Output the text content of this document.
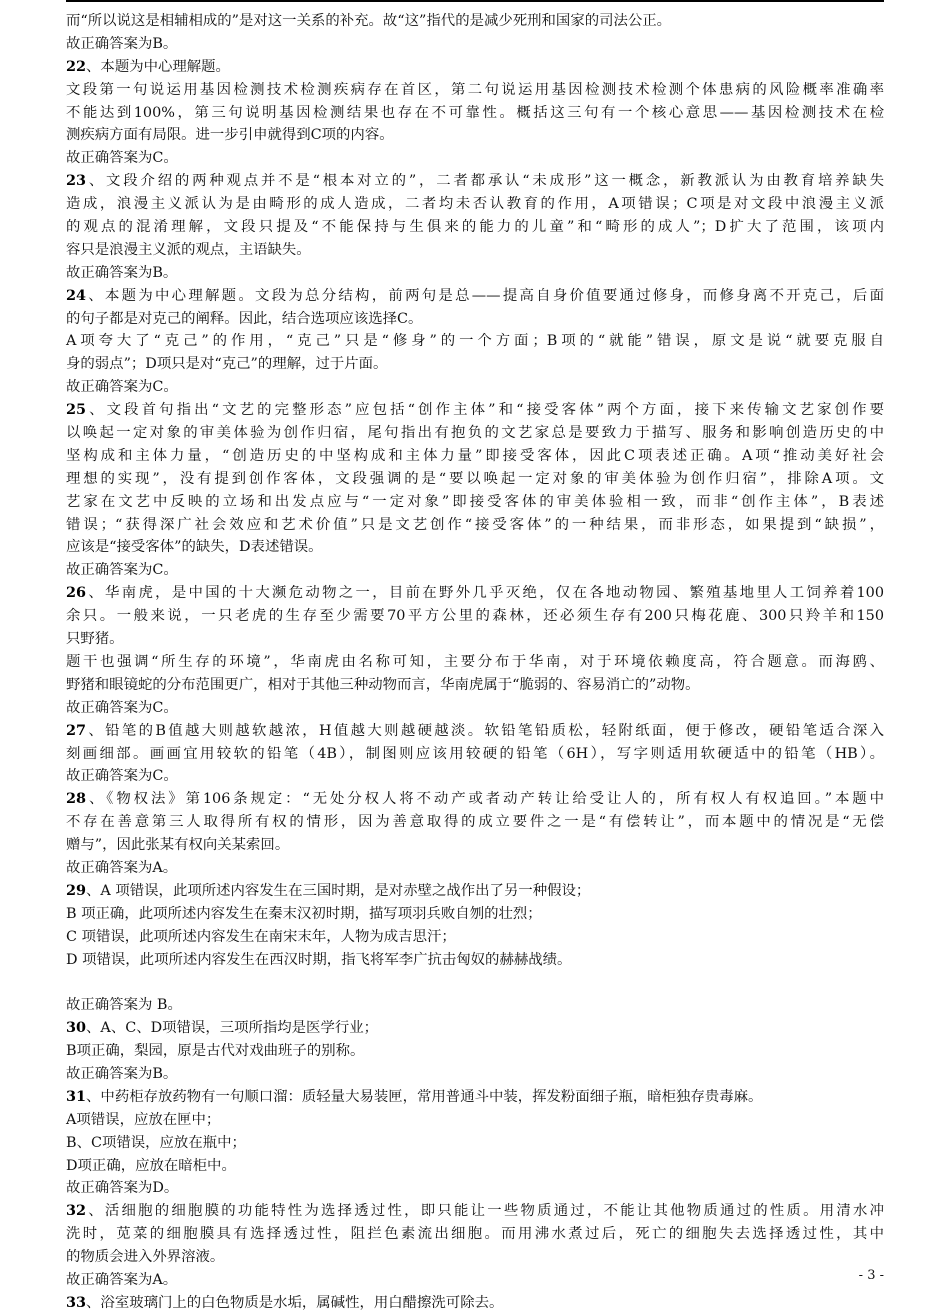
而“所以说这是相辅相成的”是对这一关系的补充。故“这”指代的是减少死刑和国家的司法公正。
故正确答案为B。
22、本题为中心理解题。
文段第一句说运用基因检测技术检测疾病存在首区，第二句说运用基因检测技术检测个体患病的风险概率准确率
不能达到100%，第三句说明基因检测结果也存在不可靠性。概括这三句有一个核心意思——基因检测技术在检
测疾病方面有局限。进一步引申就得到C项的内容。
故正确答案为C。
23、文段介绍的两种观点并不是“根本对立的”，二者都承认“未成形”这一概念，新教派认为由教育培养缺失
造成，浪漫主义派认为是由畸形的成人造成，二者均未否认教育的作用，A项错误；C项是对文段中浪漫主义派
的观点的混淆理解，文段只提及“不能保持与生俱来的能力的儿童”和“畸形的成人”；D扩大了范围，该项内
容只是浪漫主义派的观点，主语缺失。
故正确答案为B。
24、本题为中心理解题。文段为总分结构，前两句是总——提高自身价值要通过修身，而修身离不开克己，后面
的句子都是对克己的阐释。因此，结合选项应该选择C。
A项夸大了“克己”的作用，“克己”只是“修身”的一个方面；B项的“就能”错误，原文是说“就要克服自
身的弱点”；D项只是对“克己”的理解，过于片面。
故正确答案为C。
25、文段首句指出“文艺的完整形态”应包括“创作主体”和“接受客体”两个方面，接下来传输文艺家创作要
以唤起一定对象的审美体验为创作归宿，尾句指出有抱负的文艺家总是要致力于描写、服务和影响创造历史的中
坚构成和主体力量，“创造历史的中坚构成和主体力量”即接受客体，因此C项表述正确。A项“推动美好社会
理想的实现”，没有提到创作客体，文段强调的是“要以唤起一定对象的审美体验为创作归宿”，排除A项。文
艺家在文艺中反映的立场和出发点应与“一定对象”即接受客体的审美体验相一致，而非“创作主体”，B表述
错误；“获得深广社会效应和艺术价值”只是文艺创作“接受客体”的一种结果，而非形态，如果提到“缺损”，
应该是“接受客体”的缺失，D表述错误。
故正确答案为C。
26、华南虎，是中国的十大濒危动物之一，目前在野外几乎灭绝，仅在各地动物园、繁殖基地里人工饲养着100
余只。一般来说，一只老虎的生存至少需要70平方公里的森林，还必须生存有200只梅花鹿、300只羚羊和150
只野猪。
题干也强调“所生存的环境”，华南虎由名称可知，主要分布于华南，对于环境依赖度高，符合题意。而海鸥、
野猪和眼镜蛇的分布范围更广，相对于其他三种动物而言，华南虎属于“脆弱的、容易消亡的”动物。
故正确答案为C。
27、铅笔的B值越大则越软越浓，H值越大则越硬越淡。软铅笔铅质松，轻附纸面，便于修改，硬铅笔适合深入
刻画细部。画画宜用较软的铅笔（4B），制图则应该用较硬的铅笔（6H），写字则适用软硬适中的铅笔（HB）。
故正确答案为C。
28、《物权法》第106条规定：“无处分权人将不动产或者动产转让给受让人的，所有权人有权追回。”本题中
不存在善意第三人取得所有权的情形，因为善意取得的成立要件之一是“有偿转让”，而本题中的情况是“无偿
赠与”，因此张某有权向关某索回。
故正确答案为A。
29、A 项错误，此项所述内容发生在三国时期，是对赤壁之战作出了另一种假设；
B 项正确，此项所述内容发生在秦末汉初时期，描写项羽兵败自刎的壮烈；
C 项错误，此项所述内容发生在南宋末年，人物为成吉思汗；
D 项错误，此项所述内容发生在西汉时期，指飞将军李广抗击匈奴的赫赫战绩。
故正确答案为 B。
30、A、C、D项错误，三项所指均是医学行业；
B项正确，梨园，原是古代对戏曲班子的别称。
故正确答案为B。
31、中药柜存放药物有一句顺口溜：质轻量大易装匣，常用普通斗中装，挥发粉面细子瓶，暗柜独存贵毒麻。
A项错误，应放在匣中；
B、C项错误，应放在瓶中；
D项正确，应放在暗柜中。
故正确答案为D。
32、活细胞的细胞膜的功能特性为选择透过性，即只能让一些物质通过，不能让其他物质通过的性质。用清水冲
洗时，苋菜的细胞膜具有选择透过性，阻拦色素流出细胞。而用沸水煮过后，死亡的细胞失去选择透过性，其中
的物质会进入外界溶液。
故正确答案为A。
33、浴室玻璃门上的白色物质是水垢，属碱性，用白醋擦洗可除去。
- 3 -
